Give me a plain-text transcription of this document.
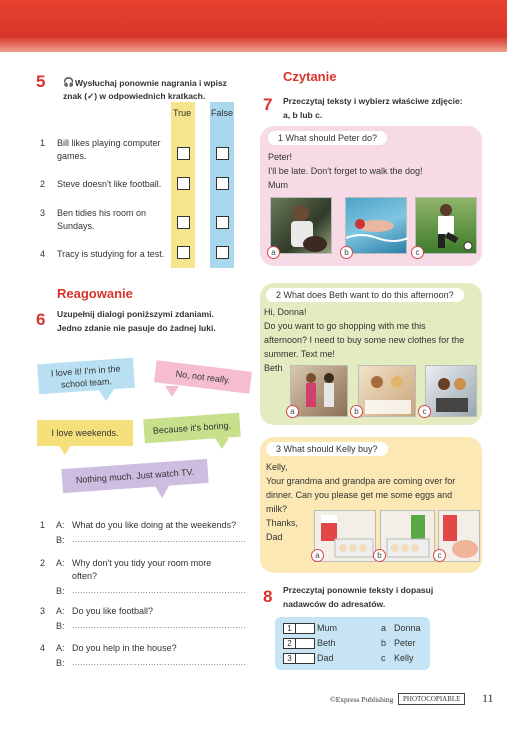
5 🎧 Wysłuchaj ponownie nagrania i wpisz
znak (✓) w odpowiednich kratkach.
True False
1 Bill likes playing computer
games.
2 Steve doesn't like football.
3 Ben tidies his room on
Sundays.
4 Tracy is studying for a test.
Reagowanie
6 Uzupełnij dialogi poniższymi zdaniami.
Jedno zdanie nie pasuje do żadnej luki.
I love it! I'm in the
school team.	No, not really.
I love weekends.	Because it's boring.
Nothing much. Just watch TV.
1 A: What do you like doing at the weekends?
B: ................................................................
2 A: Why don't you tidy your room more
often?
B: ................................................................
3 A: Do you like football?
B: ................................................................
4 A: Do you help in the house?
B: ................................................................
Czytanie
7 Przeczytaj teksty i wybierz właściwe zdjęcie:
a, b lub c.
1 What should Peter do?
Peter!
I'll be late. Don't forget to walk the dog!
Mum
a	b	c
2 What does Beth want to do this afternoon?
Hi, Donna!
Do you want to go shopping with me this
afternoon? I need to buy some new clothes for the
summer. Text me!
Beth
a	b	c
3 What should Kelly buy?
Kelly,
Your grandma and grandpa are coming over for
dinner. Can you please get me some eggs and
milk?
Thanks,
Dad
a	b	c
8 Przeczytaj ponownie teksty i dopasuj
nadawców do adresatów.
1	Mum
2	Beth
3	Dad
a Donna
b Peter
c Kelly
©Express Publishing	PHOTOCOPIABLE	11
